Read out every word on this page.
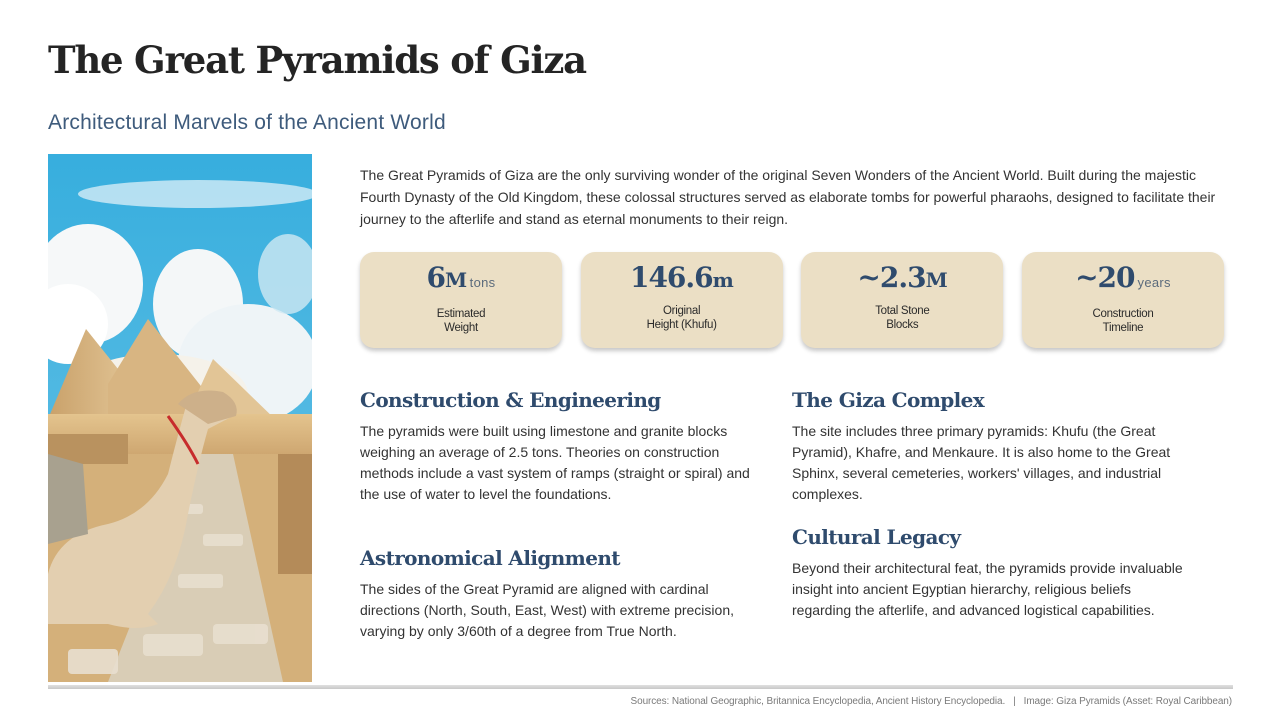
The Great Pyramids of Giza
Architectural Marvels of the Ancient World

The Great Pyramids of Giza are the only surviving wonder of the original Seven Wonders of the Ancient World. Built during the majestic Fourth Dynasty of the Old Kingdom, these colossal structures served as elaborate tombs for powerful pharaohs, designed to facilitate their journey to the afterlife and stand as eternal monuments to their reign.

6M tons
Estimated
Weight
146.6m
Original
Height (Khufu)
~2.3M
Total Stone
Blocks
~20 years
Construction
Timeline
Construction & Engineering

The pyramids were built using limestone and granite blocks weighing an average of 2.5 tons. Theories on construction methods include a vast system of ramps (straight or spiral) and the use of water to level the foundations.

Astronomical Alignment

The sides of the Great Pyramid are aligned with cardinal directions (North, South, East, West) with extreme precision, varying by only 3/60th of a degree from True North.

The Giza Complex

The site includes three primary pyramids: Khufu (the Great Pyramid), Khafre, and Menkaure. It is also home to the Great Sphinx, several cemeteries, workers' villages, and industrial complexes.

Cultural Legacy

Beyond their architectural feat, the pyramids provide invaluable insight into ancient Egyptian hierarchy, religious beliefs regarding the afterlife, and advanced logistical capabilities.

Sources: National Geographic, Britannica Encyclopedia, Ancient History Encyclopedia. | Image: Giza Pyramids (Asset: Royal Caribbean)
